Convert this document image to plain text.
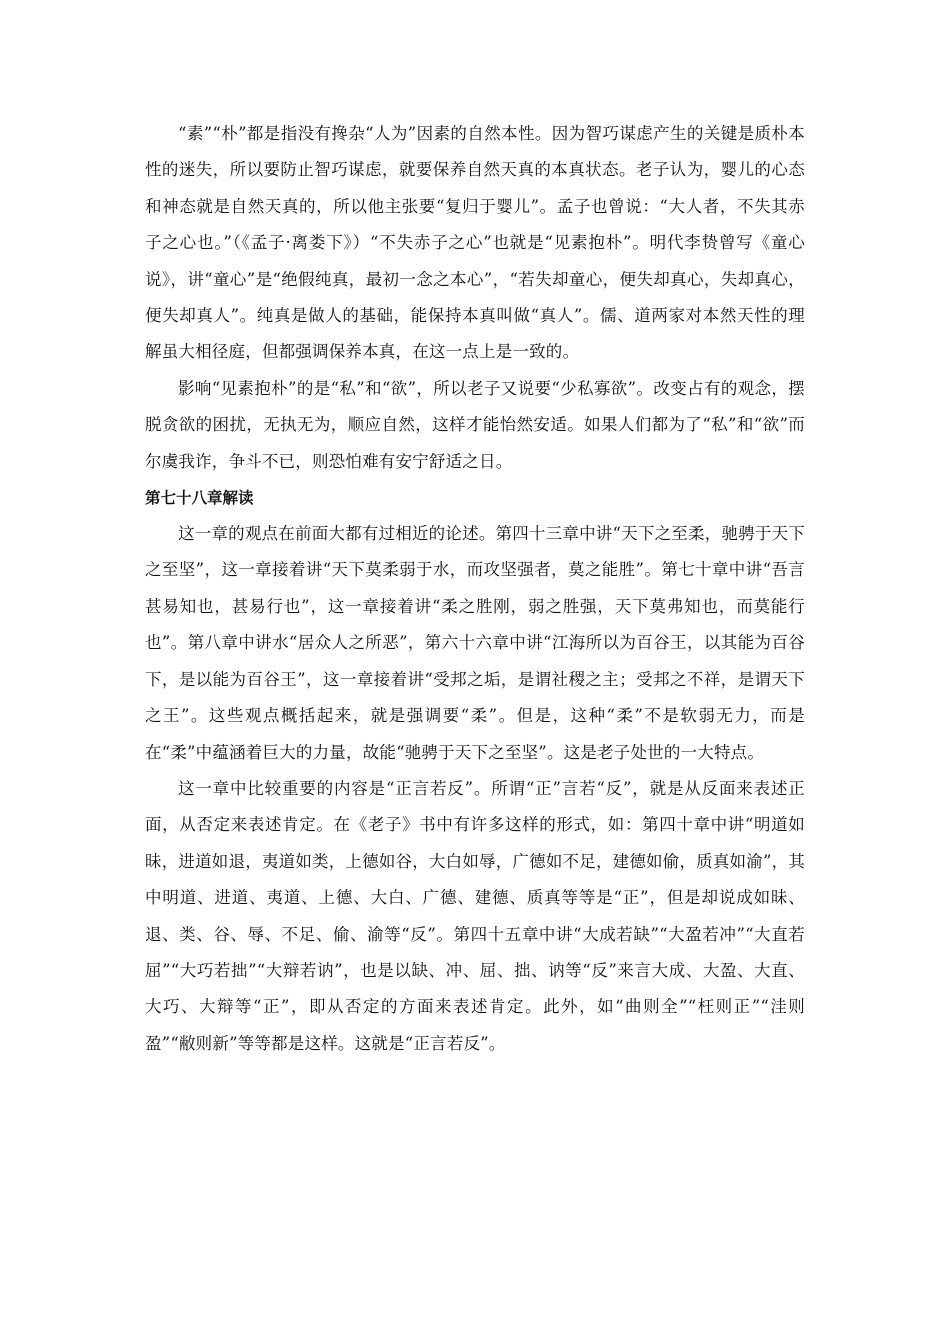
“素”“朴”都是指没有搀杂“人为”因素的自然本性。因为智巧谋虑产生的关键是质朴本性的迷失，所以要防止智巧谋虑，就要保养自然天真的本真状态。老子认为，婴儿的心态和神态就是自然天真的，所以他主张要“复归于婴儿”。孟子也曾说：“大人者，不失其赤子之心也。”（《孟子·离娄下》）“不失赤子之心”也就是“见素抱朴”。明代李贽曾写《童心说》，讲“童心”是“绝假纯真，最初一念之本心”，“若失却童心，便失却真心，失却真心，便失却真人”。纯真是做人的基础，能保持本真叫做“真人”。儒、道两家对本然天性的理解虽大相径庭，但都强调保养本真，在这一点上是一致的。

影响“见素抱朴”的是“私”和“欲”，所以老子又说要“少私寡欲”。改变占有的观念，摆脱贪欲的困扰，无执无为，顺应自然，这样才能怡然安适。如果人们都为了“私”和“欲”而尔虞我诈，争斗不已，则恐怕难有安宁舒适之日。

第七十八章解读

这一章的观点在前面大都有过相近的论述。第四十三章中讲“天下之至柔，驰骋于天下之至坚”，这一章接着讲“天下莫柔弱于水，而攻坚强者，莫之能胜”。第七十章中讲“吾言甚易知也，甚易行也”，这一章接着讲“柔之胜刚，弱之胜强，天下莫弗知也，而莫能行也”。第八章中讲水“居众人之所恶”，第六十六章中讲“江海所以为百谷王，以其能为百谷下，是以能为百谷王”，这一章接着讲“受邦之垢，是谓社稷之主；受邦之不祥，是谓天下之王”。这些观点概括起来，就是强调要“柔”。但是，这种“柔”不是软弱无力，而是在“柔”中蕴涵着巨大的力量，故能“驰骋于天下之至坚”。这是老子处世的一大特点。

这一章中比较重要的内容是“正言若反”。所谓“正”言若“反”，就是从反面来表述正面，从否定来表述肯定。在《老子》书中有许多这样的形式，如：第四十章中讲“明道如昧，进道如退，夷道如类，上德如谷，大白如辱，广德如不足，建德如偷，质真如渝”，其中明道、进道、夷道、上德、大白、广德、建德、质真等等是“正”，但是却说成如昧、退、类、谷、辱、不足、偷、渝等“反”。第四十五章中讲“大成若缺”“大盈若冲”“大直若屈”“大巧若拙”“大辩若讷”，也是以缺、冲、屈、拙、讷等“反”来言大成、大盈、大直、大巧、大辩等“正”，即从否定的方面来表述肯定。此外，如“曲则全”“枉则正”“洼则盈”“敝则新”等等都是这样。这就是“正言若反”。
